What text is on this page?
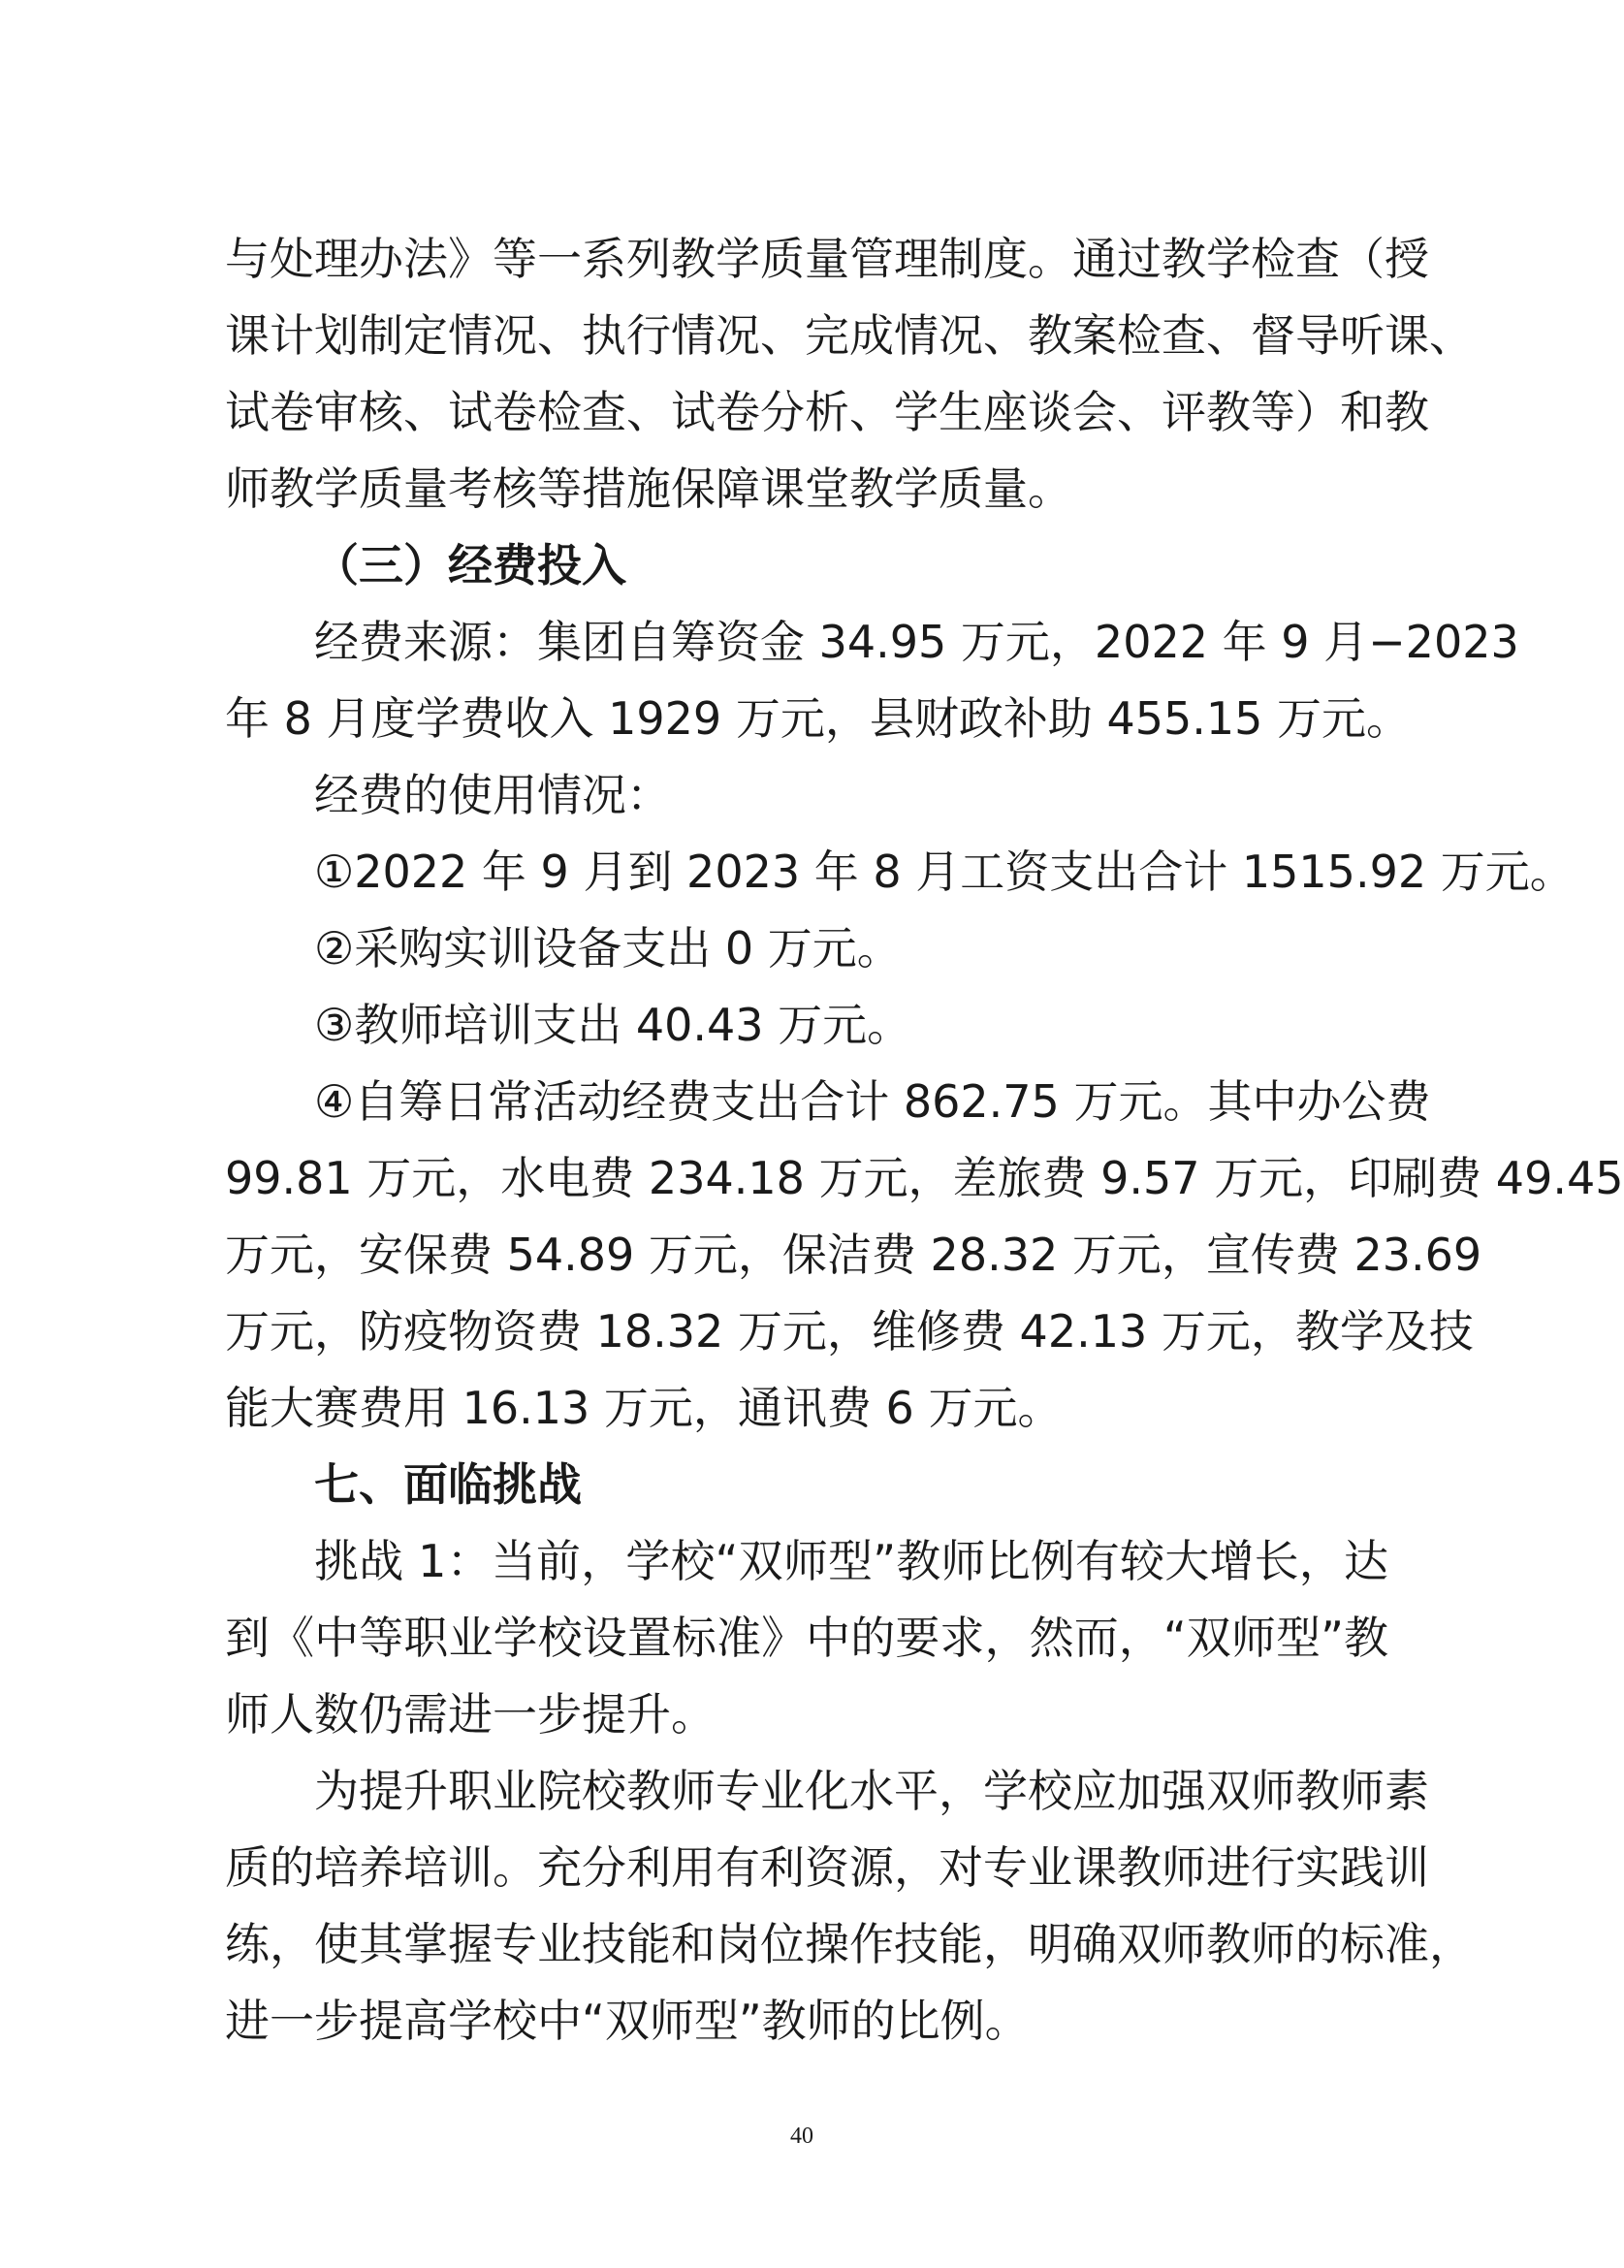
与处理办法》等一系列教学质量管理制度。通过教学检查（授
课计划制定情况、执行情况、完成情况、教案检查、督导听课、
试卷审核、试卷检查、试卷分析、学生座谈会、评教等）和教
师教学质量考核等措施保障课堂教学质量。
（三）经费投入
经费来源：集团自筹资金 34.95 万元，2022 年 9 月−2023
年 8 月度学费收入 1929 万元，县财政补助 455.15 万元。
经费的使用情况：
①2022 年 9 月到 2023 年 8 月工资支出合计 1515.92 万元。
②采购实训设备支出 0 万元。
③教师培训支出 40.43 万元。
④自筹日常活动经费支出合计 862.75 万元。其中办公费
99.81 万元，水电费 234.18 万元，差旅费 9.57 万元，印刷费 49.45
万元，安保费 54.89 万元，保洁费 28.32 万元，宣传费 23.69
万元，防疫物资费 18.32 万元，维修费 42.13 万元，教学及技
能大赛费用 16.13 万元，通讯费 6 万元。
七、面临挑战
挑战 1：当前，学校“双师型”教师比例有较大增长，达
到《中等职业学校设置标准》中的要求，然而，“双师型”教
师人数仍需进一步提升。
为提升职业院校教师专业化水平，学校应加强双师教师素
质的培养培训。充分利用有利资源，对专业课教师进行实践训
练，使其掌握专业技能和岗位操作技能，明确双师教师的标准，
进一步提高学校中“双师型”教师的比例。
40
